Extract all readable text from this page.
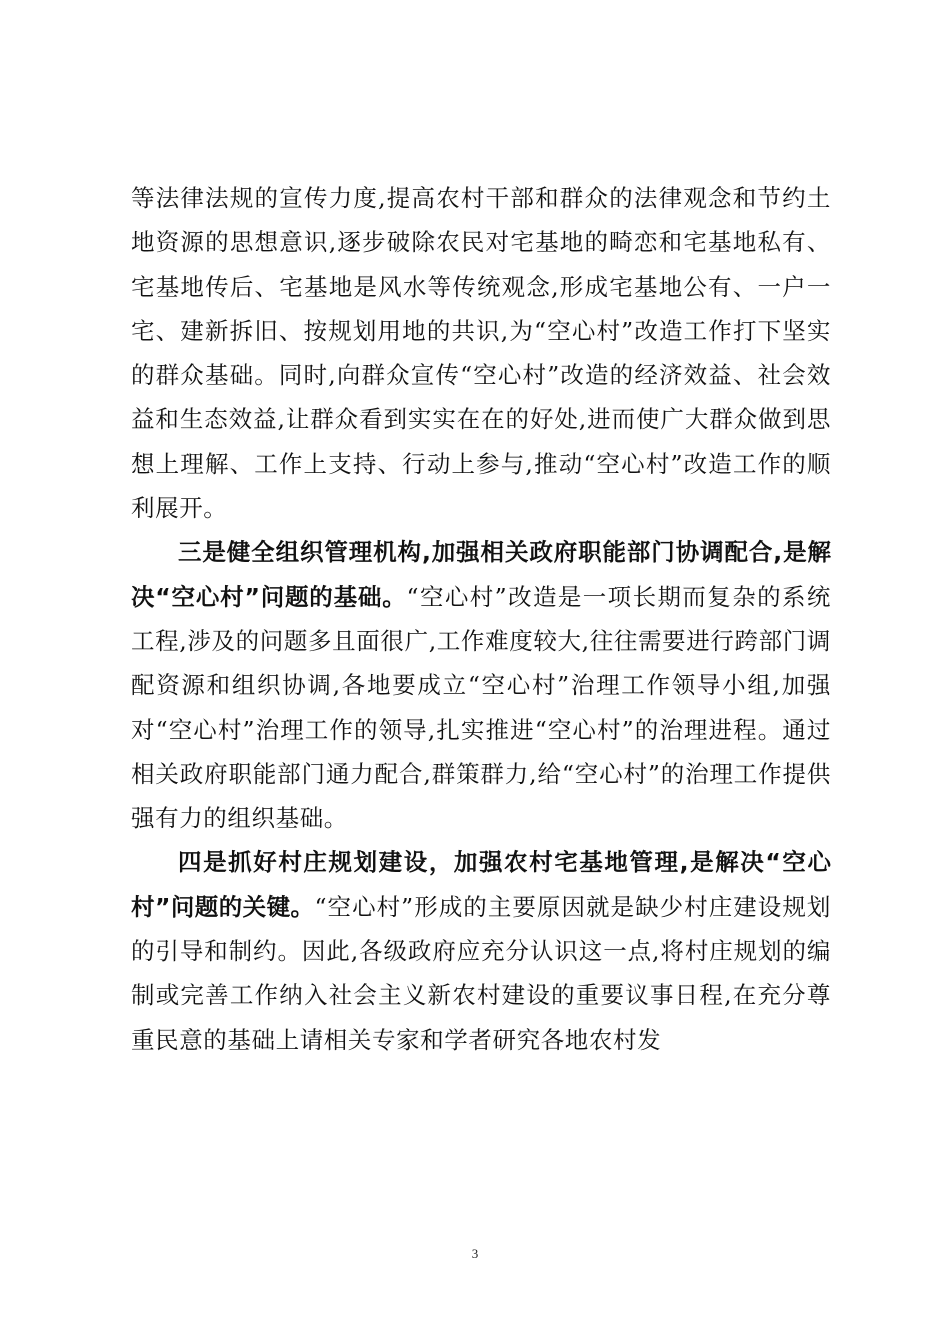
等法律法规的宣传力度,提高农村干部和群众的法律观念和节约土地资源的思想意识,逐步破除农民对宅基地的畸恋和宅基地私有、宅基地传后、宅基地是风水等传统观念,形成宅基地公有、一户一宅、建新拆旧、按规划用地的共识,为“空心村”改造工作打下坚实的群众基础。同时,向群众宣传“空心村”改造的经济效益、社会效益和生态效益,让群众看到实实在在的好处,进而使广大群众做到思想上理解、工作上支持、行动上参与,推动“空心村”改造工作的顺利展开。

三是健全组织管理机构,加强相关政府职能部门协调配合,是解决“空心村”问题的基础。“空心村”改造是一项长期而复杂的系统工程,涉及的问题多且面很广,工作难度较大,往往需要进行跨部门调配资源和组织协调,各地要成立“空心村”治理工作领导小组,加强对“空心村”治理工作的领导,扎实推进“空心村”的治理进程。通过相关政府职能部门通力配合,群策群力,给“空心村”的治理工作提供强有力的组织基础。

四是抓好村庄规划建设，加强农村宅基地管理,是解决“空心村”问题的关键。“空心村”形成的主要原因就是缺少村庄建设规划的引导和制约。因此,各级政府应充分认识这一点,将村庄规划的编制或完善工作纳入社会主义新农村建设的重要议事日程,在充分尊重民意的基础上请相关专家和学者研究各地农村发

3
